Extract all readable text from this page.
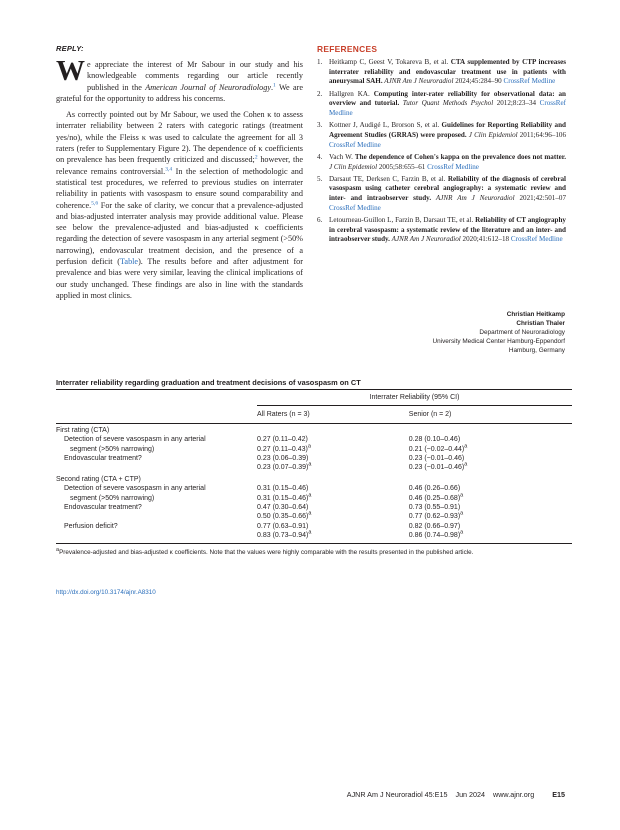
REPLY:

We appreciate the interest of Mr Sabour in our study and his knowledgeable comments regarding our article recently published in the American Journal of Neuroradiology.$^1$ We are grateful for the opportunity to address his concerns.

As correctly pointed out by Mr Sabour, we used the Cohen κ to assess interrater reliability between 2 raters with categoric ratings (treatment yes/no), while the Fleiss κ was used to calculate the agreement for all 3 raters (refer to Supplementary Figure 2). The dependence of κ coefficients on prevalence has been frequently criticized and discussed;$^2$ however, the relevance remains controversial.$^{3,4}$ In the selection of methodologic and statistical test procedures, we referred to previous studies on interrater reliability in patients with vasospasm to ensure sound comparability and coherence.$^{5,6}$ For the sake of clarity, we concur that a prevalence-adjusted and bias-adjusted interrater analysis may provide additional value. Please see below the prevalence-adjusted and bias-adjusted κ coefficients regarding the detection of severe vasospasm in any arterial segment (>50% narrowing), endovascular treatment decision, and the presence of a perfusion deficit (Table). The results before and after adjustment for prevalence and bias were very similar, leaving the clinical implications of our study unchanged. These findings are also in line with the standards applied in most clinics.

REFERENCES
1. Heitkamp C, Geest V, Tokareva B, et al. CTA supplemented by CTP increases interrater reliability and endovascular treatment use in patients with aneurysmal SAH. AJNR Am J Neuroradiol 2024;45:284–90 CrossRef Medline
2. Hallgren KA. Computing inter-rater reliability for observational data: an overview and tutorial. Tutor Quant Methods Psychol 2012;8:23–34 CrossRef Medline
3. Kottner J, Audigé L, Brorson S, et al. Guidelines for Reporting Reliability and Agreement Studies (GRRAS) were proposed. J Clin Epidemiol 2011;64:96–106 CrossRef Medline
4. Vach W. The dependence of Cohen's kappa on the prevalence does not matter. J Clin Epidemiol 2005;58:655–61 CrossRef Medline
5. Darsaut TE, Derksen C, Farzin B, et al. Reliability of the diagnosis of cerebral vasospasm using catheter cerebral angiography: a systematic review and inter- and intraobserver study. AJNR Am J Neuroradiol 2021;42:501–07 CrossRef Medline
6. Letourneau-Guillon L, Farzin B, Darsaut TE, et al. Reliability of CT angiography in cerebral vasospasm: a systematic review of the literature and an inter- and intraobserver study. AJNR Am J Neuroradiol 2020;41:612–18 CrossRef Medline
Christian Heitkamp
Christian Thaler
Department of Neuroradiology
University Medical Center Hamburg-Eppendorf
Hamburg, Germany
Interrater reliability regarding graduation and treatment decisions of vasospasm on CT
	Interrater Reliability (95% CI)	
	All Raters (n = 3)	Senior (n = 2)
First rating (CTA)		
Detection of severe vasospasm in any arterial	0.27 (0.11–0.42)	0.28 (0.10–0.46)
segment (>50% narrowing)	0.27 $(0.11-0.43)^a$	0.21 $(-0.02-0.44)^a$
Endovascular treatment?	0.23 (0.06–0.39)	0.23 (−0.01–0.46)
	0.23 $(0.07-0.39)^a$	0.23 $(-0.01-0.46)^a$
Second rating (CTA + CTP)		
Detection of severe vasospasm in any arterial	0.31 (0.15–0.46)	0.46 (0.26–0.66)
segment (>50% narrowing)	0.31 $(0.15-0.46)^a$	0.46 $(0.25-0.68)^a$
Endovascular treatment?	0.47 (0.30–0.64)	0.73 (0.55–0.91)
	0.50 $(0.35-0.66)^a$	0.77 $(0.62-0.93)^a$
Perfusion deficit?	0.77 (0.63–0.91)	0.82 (0.66–0.97)
	0.83 $(0.73-0.94)^a$	0.86 $(0.74-0.98)^a$
$^a$Prevalence-adjusted and bias-adjusted κ coefficients. Note that the values were highly comparable with the results presented in the published article.
http://dx.doi.org/10.3174/ajnr.A8310
AJNR Am J Neuroradiol 45:E15 Jun 2024 www.ajnr.org	E15
